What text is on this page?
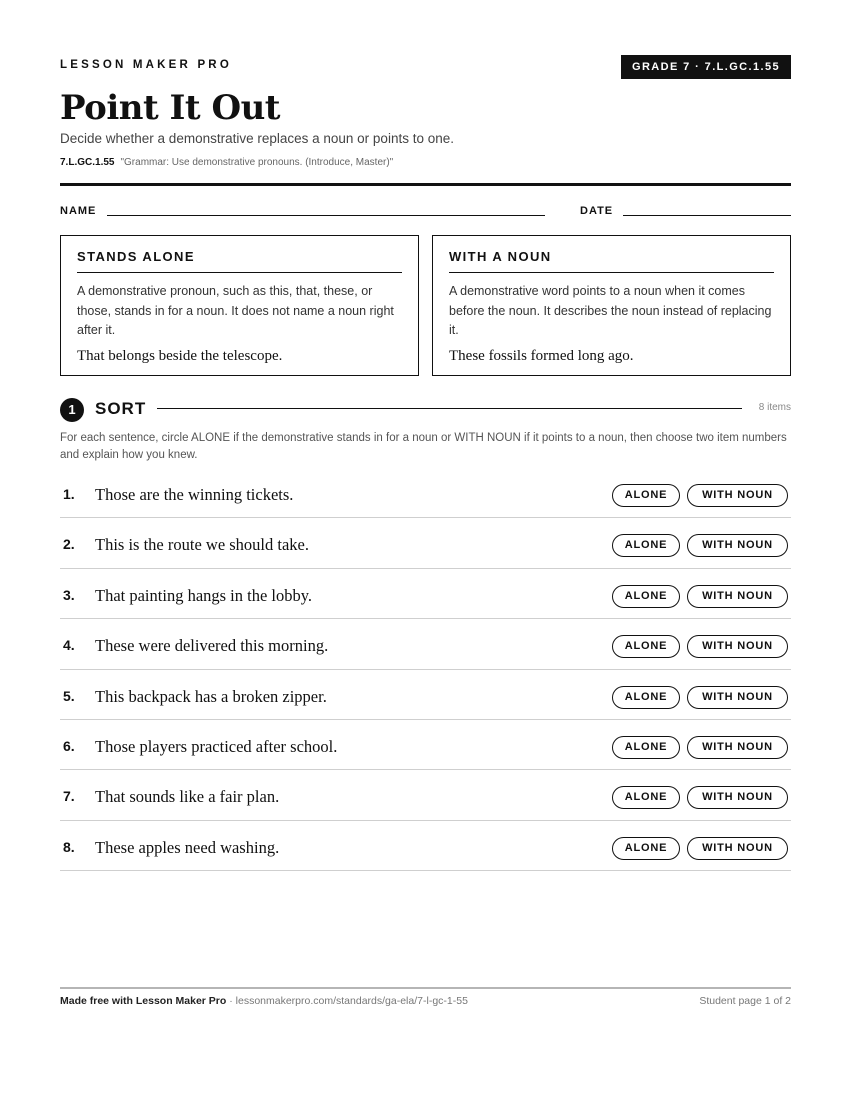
LESSON MAKER PRO	GRADE 7 · 7.L.GC.1.55
Point It Out
Decide whether a demonstrative replaces a noun or points to one.
7.L.GC.1.55 "Grammar: Use demonstrative pronouns. (Introduce, Master)"
NAME	DATE
STANDS ALONE

A demonstrative pronoun, such as this, that, these, or those, stands in for a noun. It does not name a noun right after it.

That belongs beside the telescope.

WITH A NOUN

A demonstrative word points to a noun when it comes before the noun. It describes the noun instead of replacing it.

These fossils formed long ago.

1	SORT	8 items
For each sentence, circle ALONE if the demonstrative stands in for a noun or WITH NOUN if it points to a noun, then choose two item numbers and explain how you knew.
1. Those are the winning tickets.	ALONE	WITH NOUN
2. This is the route we should take.	ALONE	WITH NOUN
3. That painting hangs in the lobby.	ALONE	WITH NOUN
4. These were delivered this morning.	ALONE	WITH NOUN
5. This backpack has a broken zipper.	ALONE	WITH NOUN
6. Those players practiced after school.	ALONE	WITH NOUN
7. That sounds like a fair plan.	ALONE	WITH NOUN
8. These apples need washing.	ALONE	WITH NOUN
Made free with Lesson Maker Pro · lessonmakerpro.com/standards/ga-ela/7-l-gc-1-55	Student page 1 of 2
